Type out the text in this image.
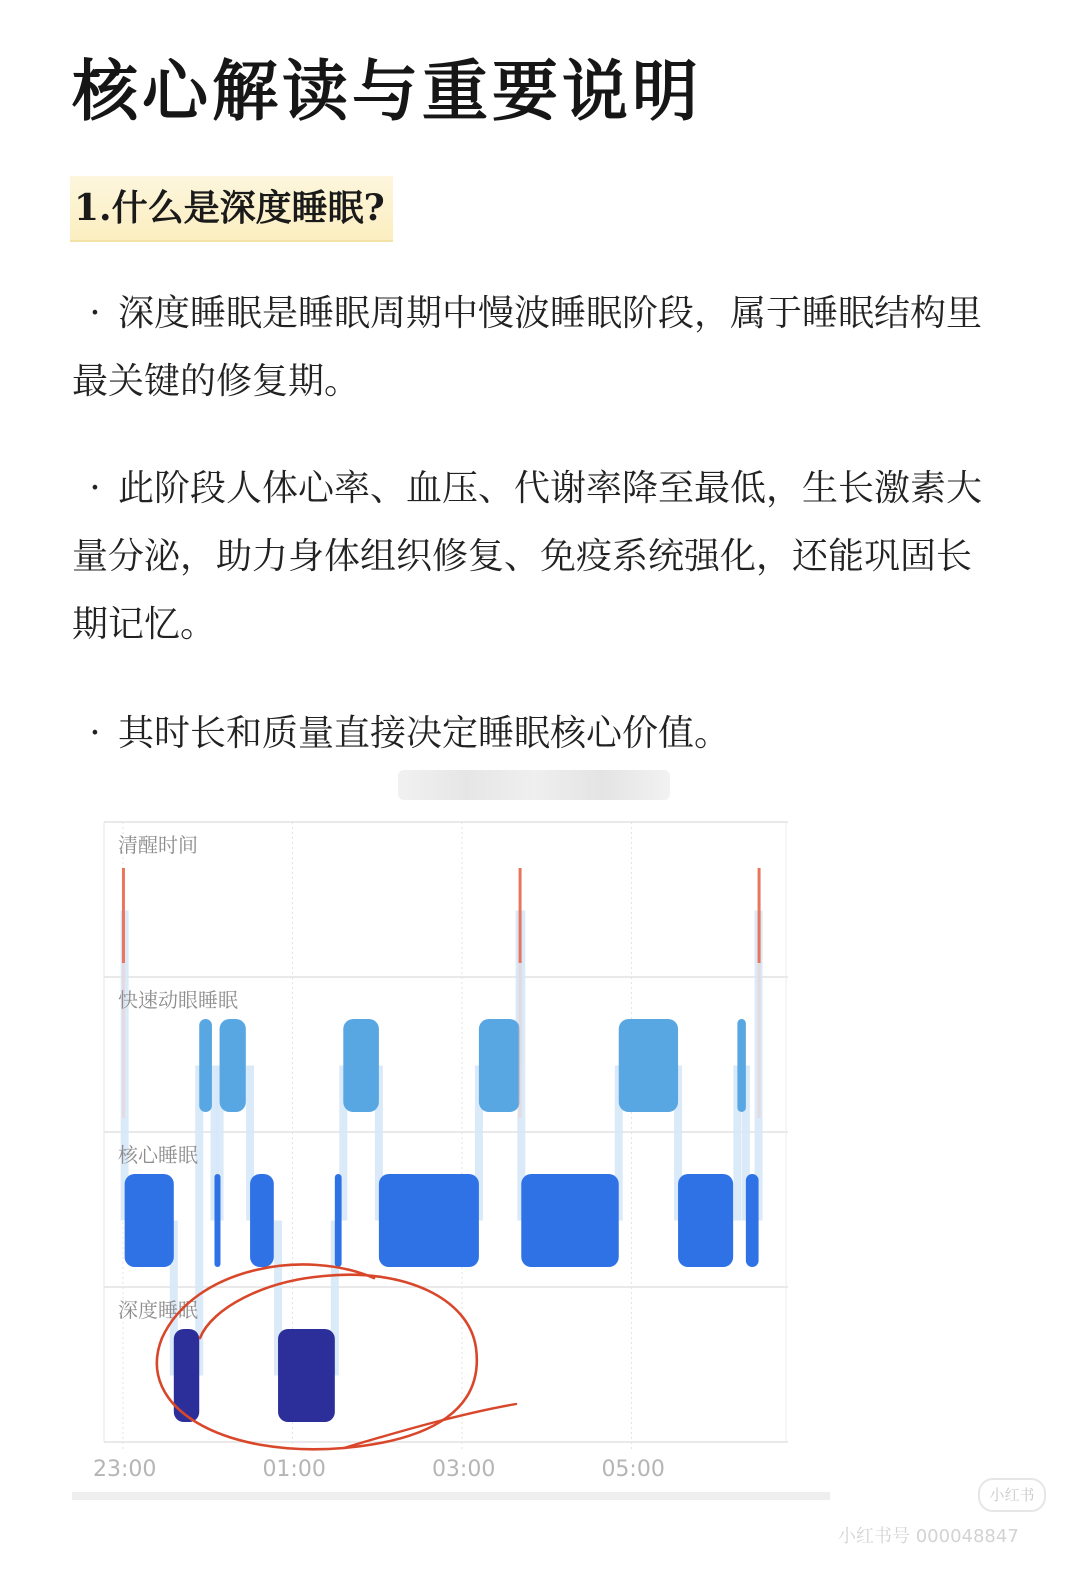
核心解读与重要说明
1.什么是深度睡眠?

· 深度睡眠是睡眠周期中慢波睡眠阶段，属于睡眠结构里最关键的修复期。

· 此阶段人体心率、血压、代谢率降至最低，生长激素大量分泌，助力身体组织修复、免疫系统强化，还能巩固长期记忆。

· 其时长和质量直接决定睡眠核心价值。

清醒时间
快速动眼睡眠
核心睡眠
深度睡眠
23:00	01:00	03:00	05:00
小红书
小红书号 000048847
